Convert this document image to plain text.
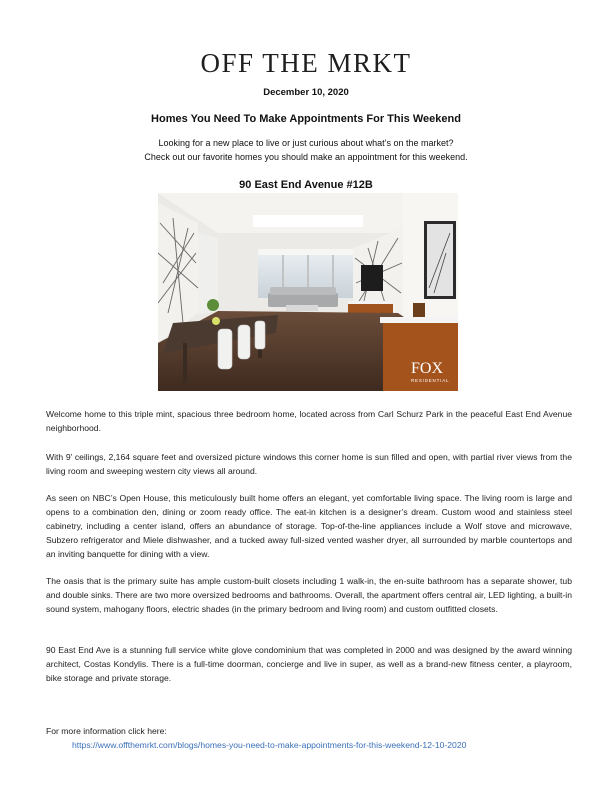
OFF THE MRKT
December 10, 2020
Homes You Need To Make Appointments For This Weekend
Looking for a new place to live or just curious about what’s on the market?
Check out our favorite homes you should make an appointment for this weekend.
90 East End Avenue #12B
FOX
RESIDENTIAL

Welcome home to this triple mint, spacious three bedroom home, located across from Carl Schurz Park in the peaceful East End Avenue neighborhood.

With 9’ ceilings, 2,164 square feet and oversized picture windows this corner home is sun filled and open, with partial river views from the living room and sweeping western city views all around.

As seen on NBC’s Open House, this meticulously built home offers an elegant, yet comfortable living space. The living room is large and opens to a combination den, dining or zoom ready office. The eat-in kitchen is a designer’s dream. Custom wood and stainless steel cabinetry, including a center island, offers an abundance of storage. Top-of-the-line appliances include a Wolf stove and microwave, Subzero refrigerator and Miele dishwasher, and a tucked away full-sized vented washer dryer, all surrounded by marble countertops and an inviting banquette for dining with a view.

The oasis that is the primary suite has ample custom-built closets including 1 walk-in, the en-suite bathroom has a separate shower, tub and double sinks. There are two more oversized bedrooms and bathrooms. Overall, the apartment offers central air, LED lighting, a built-in sound system, mahogany floors, electric shades (in the primary bedroom and living room) and custom outfitted closets.

90 East End Ave is a stunning full service white glove condominium that was completed in 2000 and was designed by the award winning architect, Costas Kondylis. There is a full-time doorman, concierge and live in super, as well as a brand-new fitness center, a playroom, bike storage and private storage.

For more information click here:
https://www.offthemrkt.com/blogs/homes-you-need-to-make-appointments-for-this-weekend-12-10-2020
